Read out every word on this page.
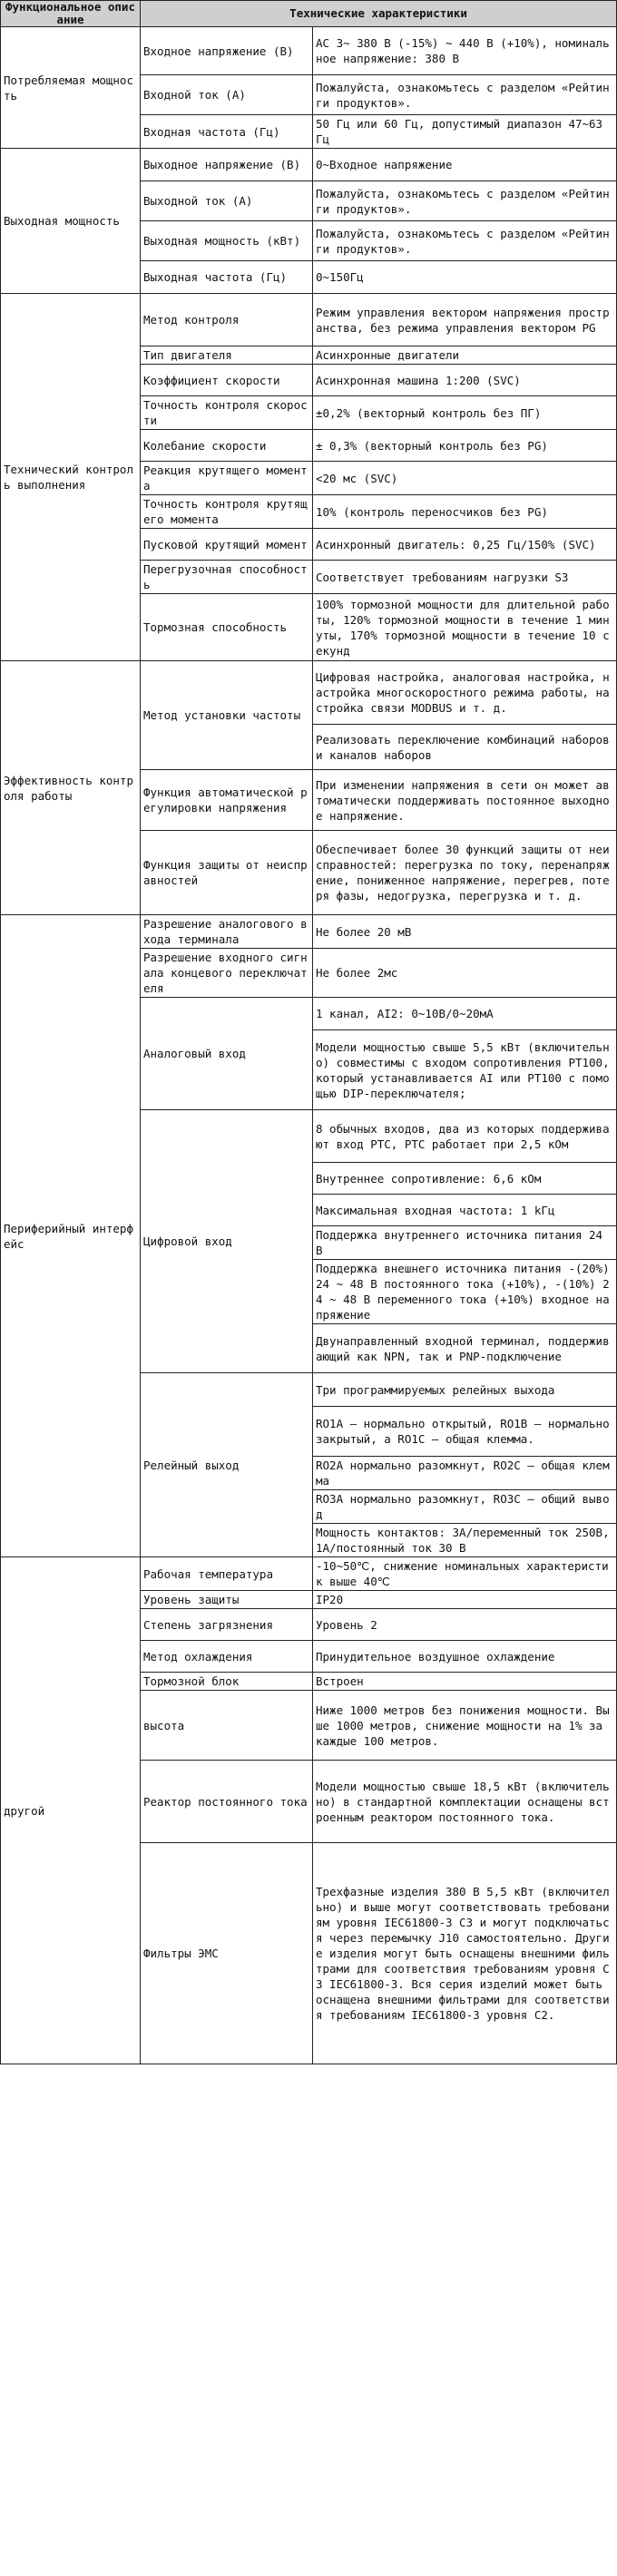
Функциональное описание	Технические характеристики	
Потребляемая мощность	Входное напряжение (В)	AC 3~ 380 В (-15%) ~ 440 В (+10%), номинальное напряжение: 380 В
	Входной ток (А)	Пожалуйста, ознакомьтесь с разделом «Рейтинги продуктов».
	Входная частота (Гц)	50 Гц или 60 Гц, допустимый диапазон 47~63 Гц
Выходная мощность	Выходное напряжение (В)	0~Входное напряжение
	Выходной ток (А)	Пожалуйста, ознакомьтесь с разделом «Рейтинги продуктов».
	Выходная мощность (кВт)	Пожалуйста, ознакомьтесь с разделом «Рейтинги продуктов».
	Выходная частота (Гц)	0~150Гц
Технический контроль выполнения	Метод контроля	Режим управления вектором напряжения пространства, без режима управления вектором PG
	Тип двигателя	Асинхронные двигатели
	Коэффициент скорости	Асинхронная машина 1:200 (SVC)
	Точность контроля скорости	±0,2% (векторный контроль без ПГ)
	Колебание скорости	± 0,3% (векторный контроль без PG)
	Реакция крутящего момента	<20 мс (SVC)
	Точность контроля крутящего момента	10% (контроль переносчиков без PG)
	Пусковой крутящий момент	Асинхронный двигатель: 0,25 Гц/150% (SVC)
	Перегрузочная способность	Соответствует требованиям нагрузки S3
	Тормозная способность	100% тормозной мощности для длительной работы, 120% тормозной мощности в течение 1 минуты, 170% тормозной мощности в течение 10 секунд
Эффективность контроля работы	Метод установки частоты	Цифровая настройка, аналоговая настройка, настройка многоскоростного режима работы, настройка связи MODBUS и т. д.
		Реализовать переключение комбинаций наборов и каналов наборов
	Функция автоматической регулировки напряжения	При изменении напряжения в сети он может автоматически поддерживать постоянное выходное напряжение.
	Функция защиты от неисправностей	Обеспечивает более 30 функций защиты от неисправностей: перегрузка по току, перенапряжение, пониженное напряжение, перегрев, потеря фазы, недогрузка, перегрузка и т. д.
Периферийный интерфейс	Разрешение аналогового входа терминала	Не более 20 мВ
	Разрешение входного сигнала концевого переключателя	Не более 2мс
	Аналоговый вход	1 канал, AI2: 0~10В/0~20мА
		Модели мощностью свыше 5,5 кВт (включительно) совместимы с входом сопротивления PT100, который устанавливается AI или PT100 с помощью DIP-переключателя;
	Цифровой вход	8 обычных входов, два из которых поддерживают вход PTC, PTC работает при 2,5 кОм
		Внутреннее сопротивление: 6,6 кОм
		Максимальная входная частота: 1 kГц
		Поддержка внутреннего источника питания 24 В
		Поддержка внешнего источника питания -(20%) 24 ~ 48 В постоянного тока (+10%), -(10%) 24 ~ 48 В переменного тока (+10%) входное напряжение
		Двунаправленный входной терминал, поддерживающий как NPN, так и PNP-подключение
	Релейный выход	Три программируемых релейных выхода
		RO1A — нормально открытый, RO1B — нормально закрытый, а RO1C — общая клемма.
		RO2A нормально разомкнут, RO2C — общая клемма
		RO3A нормально разомкнут, RO3C — общий вывод
		Мощность контактов: 3A/переменный ток 250В, 1A/постоянный ток 30 В
другой	Рабочая температура	-10~50℃, снижение номинальных характеристик выше 40℃
	Уровень защиты	IP20
	Степень загрязнения	Уровень 2
	Метод охлаждения	Принудительное воздушное охлаждение
	Тормозной блок	Встроен
	высота	Ниже 1000 метров без понижения мощности. Выше 1000 метров, снижение мощности на 1% за каждые 100 метров.
	Реактор постоянного тока	Модели мощностью свыше 18,5 кВт (включительно) в стандартной комплектации оснащены встроенным реактором постоянного тока.
	Фильтры ЭМС	Трехфазные изделия 380 В 5,5 кВт (включительно) и выше могут соответствовать требованиям уровня IEC61800-3 C3 и могут подключаться через перемычку J10 самостоятельно. Другие изделия могут быть оснащены внешними фильтрами для соответствия требованиям уровня C3 IEC61800-3. Вся серия изделий может быть оснащена внешними фильтрами для соответствия требованиям IEC61800-3 уровня C2.
